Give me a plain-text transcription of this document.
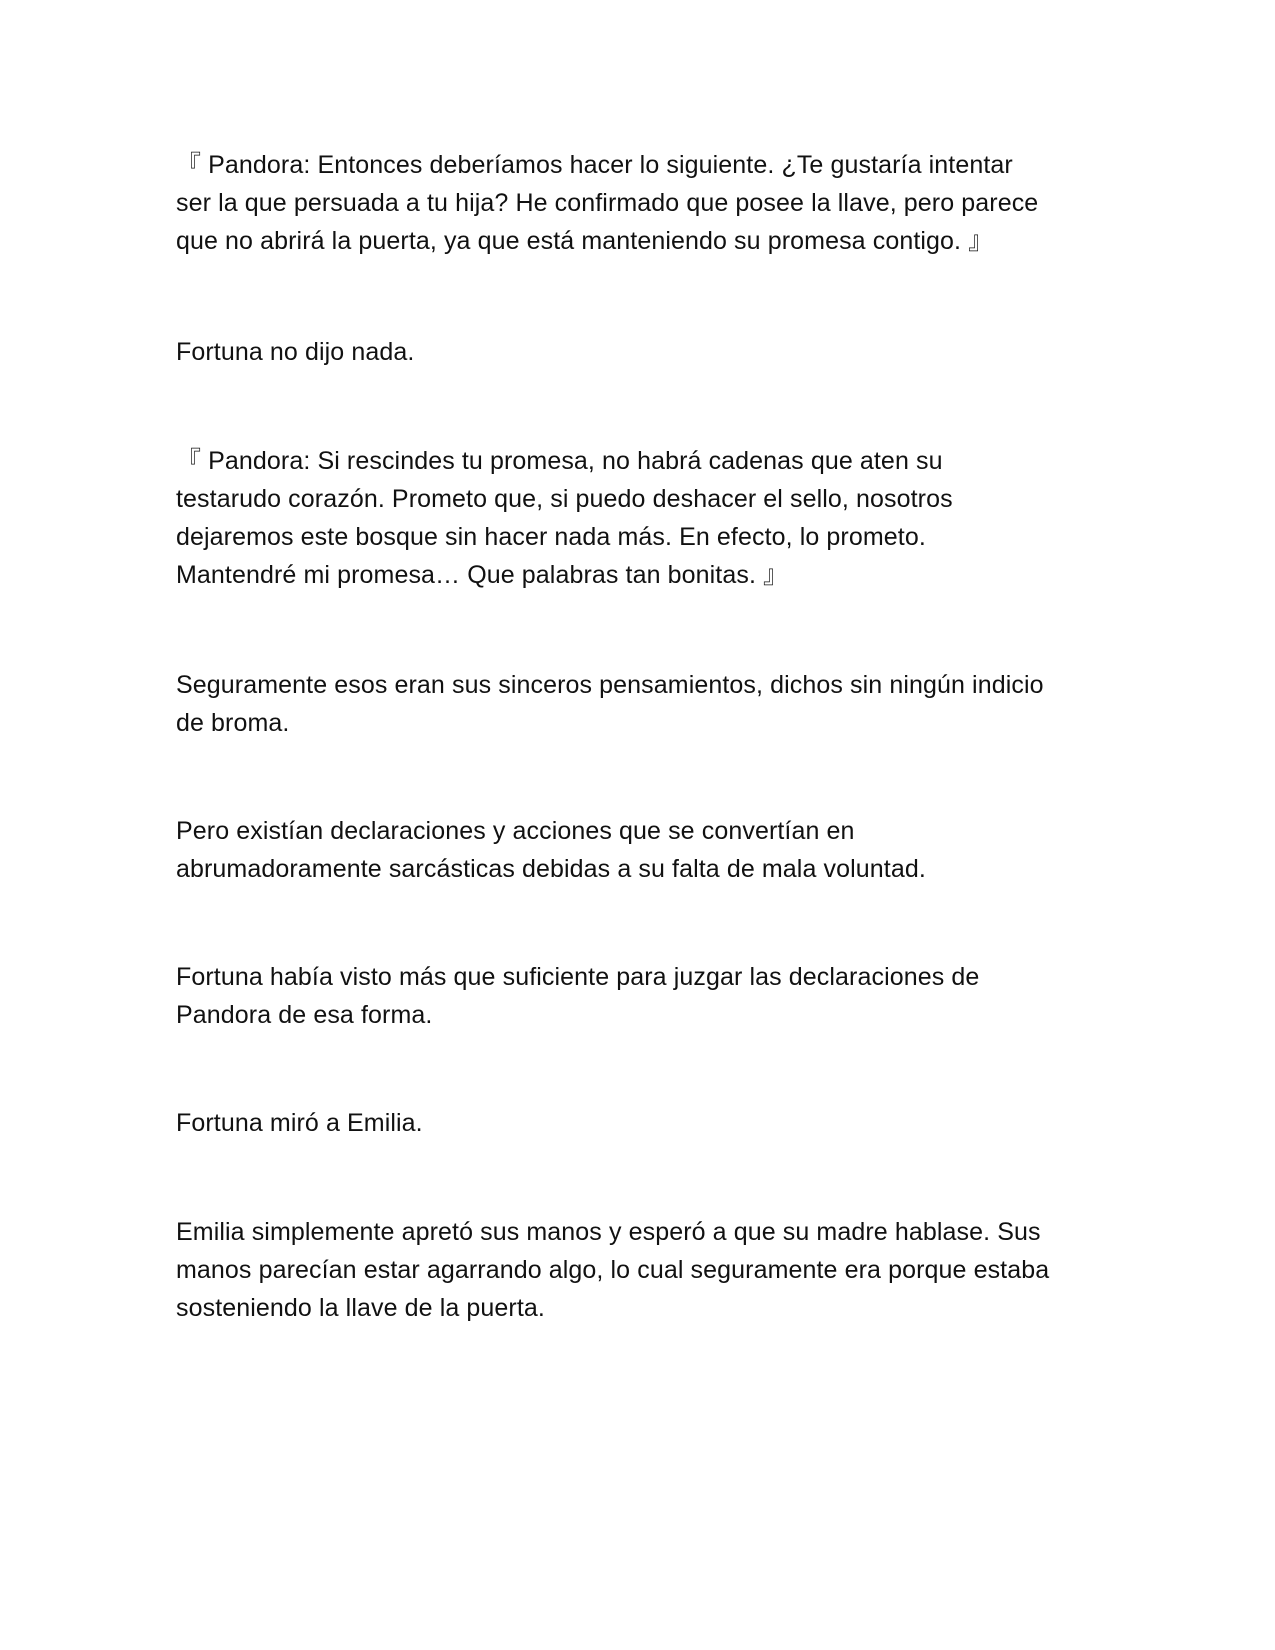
『 Pandora: Entonces deberíamos hacer lo siguiente. ¿Te gustaría intentar
ser la que persuada a tu hija? He confirmado que posee la llave, pero parece
que no abrirá la puerta, ya que está manteniendo su promesa contigo. 』
Fortuna no dijo nada.
『 Pandora: Si rescindes tu promesa, no habrá cadenas que aten su
testarudo corazón. Prometo que, si puedo deshacer el sello, nosotros
dejaremos este bosque sin hacer nada más. En efecto, lo prometo.
Mantendré mi promesa… Que palabras tan bonitas. 』
Seguramente esos eran sus sinceros pensamientos, dichos sin ningún indicio
de broma.
Pero existían declaraciones y acciones que se convertían en
abrumadoramente sarcásticas debidas a su falta de mala voluntad.
Fortuna había visto más que suficiente para juzgar las declaraciones de
Pandora de esa forma.
Fortuna miró a Emilia.
Emilia simplemente apretó sus manos y esperó a que su madre hablase. Sus
manos parecían estar agarrando algo, lo cual seguramente era porque estaba
sosteniendo la llave de la puerta.
